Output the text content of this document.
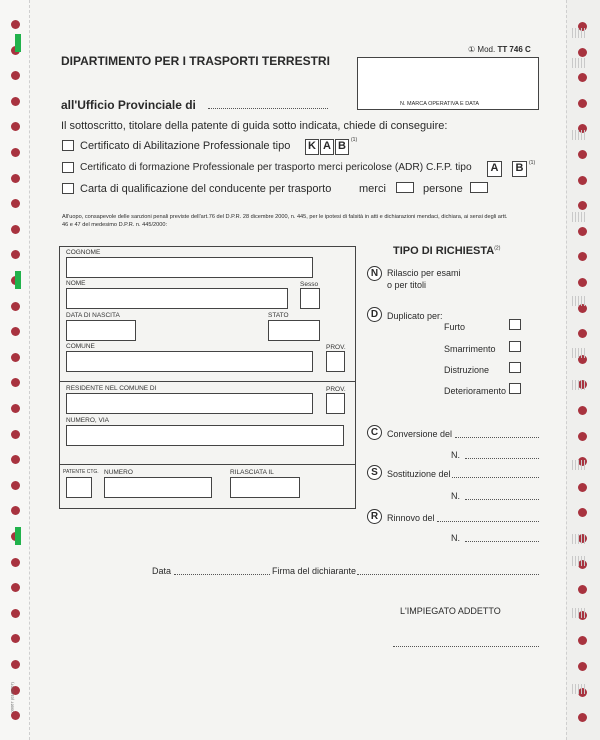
00067 (01/02/07)
① Mod. TT 746 C
DIPARTIMENTO PER I TRASPORTI TERRESTRI
N. MARCA OPERATIVA E DATA
all'Ufficio Provinciale di
Il sottoscritto, titolare della patente di guida sotto indicata, chiede di conseguire:
Certificato di Abilitazione Professionale tipo K A B	(1)
Certificato di formazione Professionale per trasporto merci pericolose (ADR) C.F.P. tipo	A	B	(1)
Carta di qualificazione del conducente per trasporto	merci	persone
All'uopo, consapevole delle sanzioni penali previste dell'art.76 del D.P.R. 28 dicembre 2000, n. 445, per le ipotesi di falsità in atti e dichiarazioni mendaci, dichiara, ai sensi degli artt. 46 e 47 del medesimo D.P.R. n. 445/2000:
COGNOME
NOME	Sesso
DATA DI NASCITA	STATO
COMUNE	PROV.
RESIDENTE NEL COMUNE DI	PROV.
NUMERO, VIA
PATENTE CTG. NUMERO	RILASCIATA IL
TIPO DI RICHIESTA$^{(2)}$
N Rilascio per esami
o per titoli
D Duplicato per:
Furto
Smarrimento
Distruzione
Deterioramento
C Conversione del
N.
S	Sostituzione del
N.
R Rinnovo del
N.
Data	Firma del dichiarante
L'IMPIEGATO ADDETTO
